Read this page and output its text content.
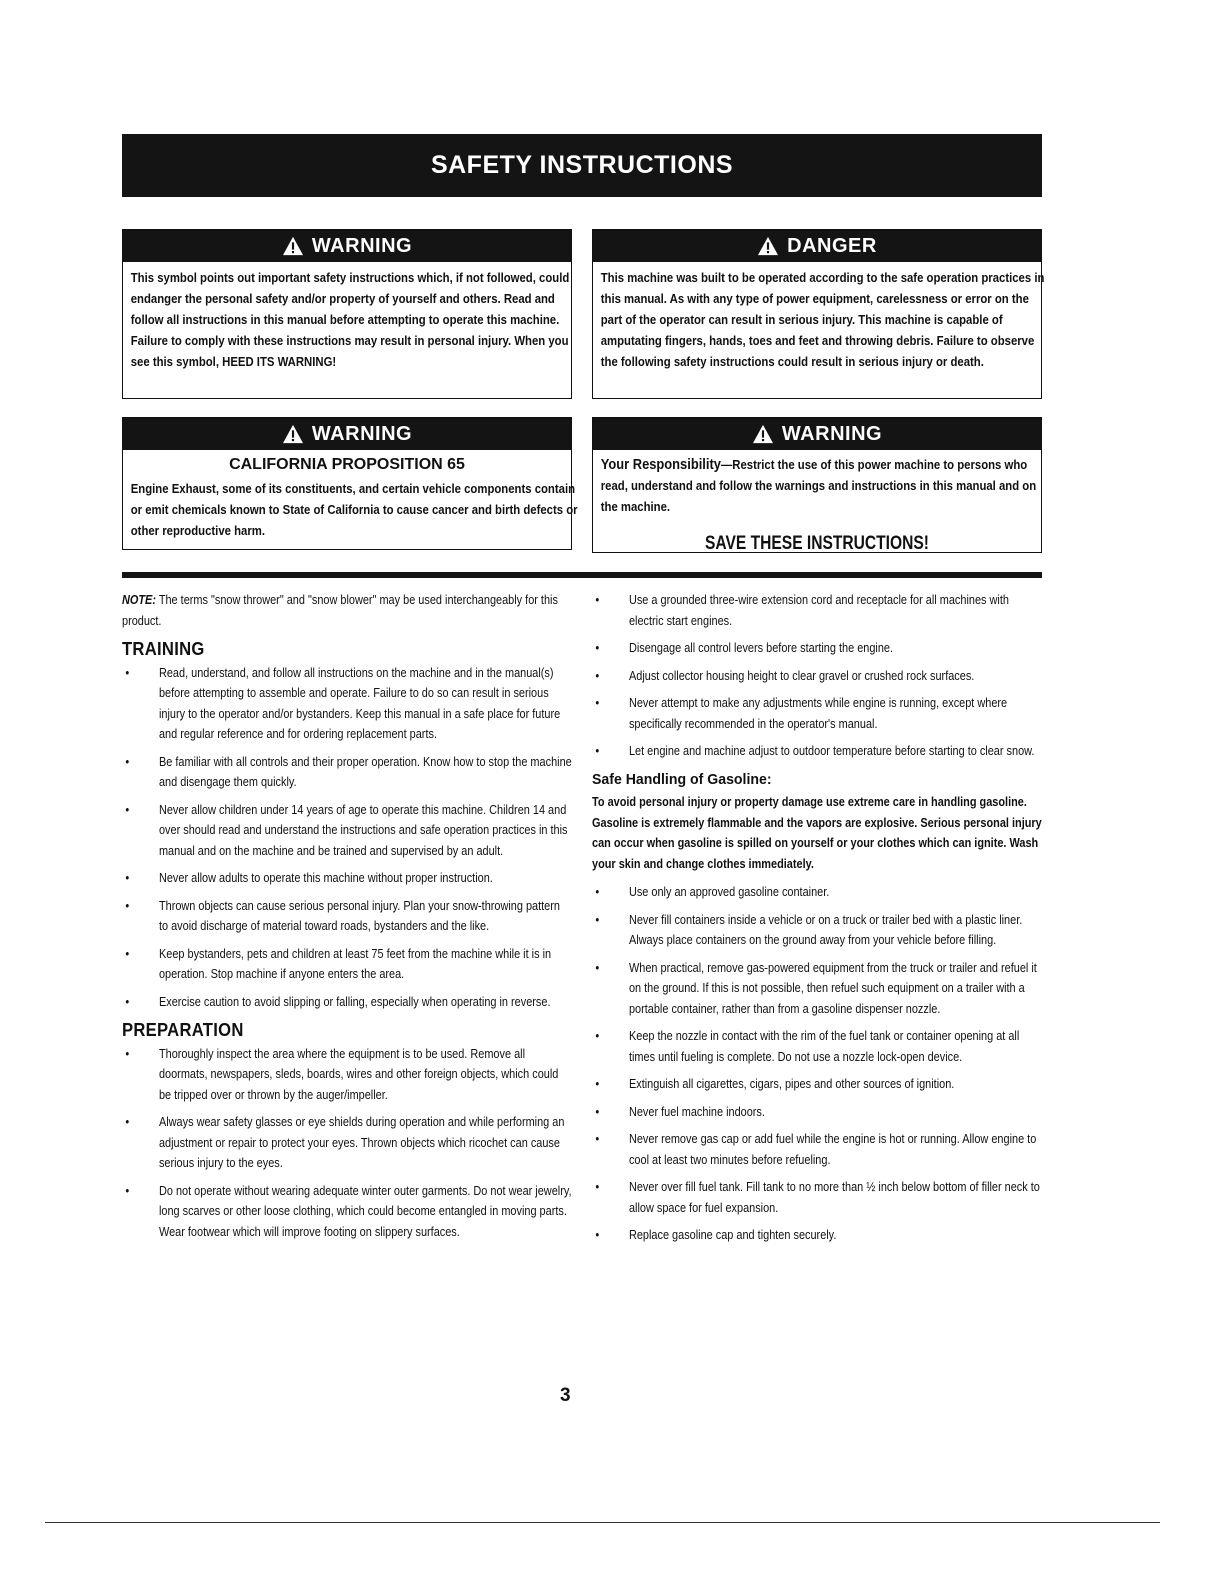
SAFETY INSTRUCTIONS
WARNING
This symbol points out important safety instructions which, if not followed, could endanger the personal safety and/or property of yourself and others. Read and follow all instructions in this manual before attempting to operate this machine. Failure to comply with these instructions may result in personal injury. When you see this symbol, HEED ITS WARNING!
DANGER
This machine was built to be operated according to the safe operation practices in this manual. As with any type of power equipment, carelessness or error on the part of the operator can result in serious injury. This machine is capable of amputating fingers, hands, toes and feet and throwing debris. Failure to observe the following safety instructions could result in serious injury or death.
WARNING
CALIFORNIA PROPOSITION 65
Engine Exhaust, some of its constituents, and certain vehicle components contain or emit chemicals known to State of California to cause cancer and birth defects or other reproductive harm.
WARNING
Your Responsibility—Restrict the use of this power machine to persons who read, understand and follow the warnings and instructions in this manual and on the machine.
SAVE THESE INSTRUCTIONS!

NOTE: The terms "snow thrower" and "snow blower" may be used interchangeably for this product.

TRAINING
• Read, understand, and follow all instructions on the machine and in the manual(s) before attempting to assemble and operate. Failure to do so can result in serious injury to the operator and/or bystanders. Keep this manual in a safe place for future and regular reference and for ordering replacement parts.
• Be familiar with all controls and their proper operation. Know how to stop the machine and disengage them quickly.
• Never allow children under 14 years of age to operate this machine. Children 14 and over should read and understand the instructions and safe operation practices in this manual and on the machine and be trained and supervised by an adult.
• Never allow adults to operate this machine without proper instruction.
• Thrown objects can cause serious personal injury. Plan your snow-throwing pattern to avoid discharge of material toward roads, bystanders and the like.
• Keep bystanders, pets and children at least 75 feet from the machine while it is in operation. Stop machine if anyone enters the area.
• Exercise caution to avoid slipping or falling, especially when operating in reverse.
PREPARATION
• Thoroughly inspect the area where the equipment is to be used. Remove all doormats, newspapers, sleds, boards, wires and other foreign objects, which could be tripped over or thrown by the auger/impeller.
• Always wear safety glasses or eye shields during operation and while performing an adjustment or repair to protect your eyes. Thrown objects which ricochet can cause serious injury to the eyes.
• Do not operate without wearing adequate winter outer garments. Do not wear jewelry, long scarves or other loose clothing, which could become entangled in moving parts. Wear footwear which will improve footing on slippery surfaces.
• Use a grounded three-wire extension cord and receptacle for all machines with electric start engines.
• Disengage all control levers before starting the engine.
• Adjust collector housing height to clear gravel or crushed rock surfaces.
• Never attempt to make any adjustments while engine is running, except where specifically recommended in the operator's manual.
• Let engine and machine adjust to outdoor temperature before starting to clear snow.
Safe Handling of Gasoline:

To avoid personal injury or property damage use extreme care in handling gasoline. Gasoline is extremely flammable and the vapors are explosive. Serious personal injury can occur when gasoline is spilled on yourself or your clothes which can ignite. Wash your skin and change clothes immediately.

• Use only an approved gasoline container.
• Never fill containers inside a vehicle or on a truck or trailer bed with a plastic liner. Always place containers on the ground away from your vehicle before filling.
• When practical, remove gas-powered equipment from the truck or trailer and refuel it on the ground. If this is not possible, then refuel such equipment on a trailer with a portable container, rather than from a gasoline dispenser nozzle.
• Keep the nozzle in contact with the rim of the fuel tank or container opening at all times until fueling is complete. Do not use a nozzle lock-open device.
• Extinguish all cigarettes, cigars, pipes and other sources of ignition.
• Never fuel machine indoors.
• Never remove gas cap or add fuel while the engine is hot or running. Allow engine to cool at least two minutes before refueling.
• Never over fill fuel tank. Fill tank to no more than ½ inch below bottom of filler neck to allow space for fuel expansion.
• Replace gasoline cap and tighten securely.
3
